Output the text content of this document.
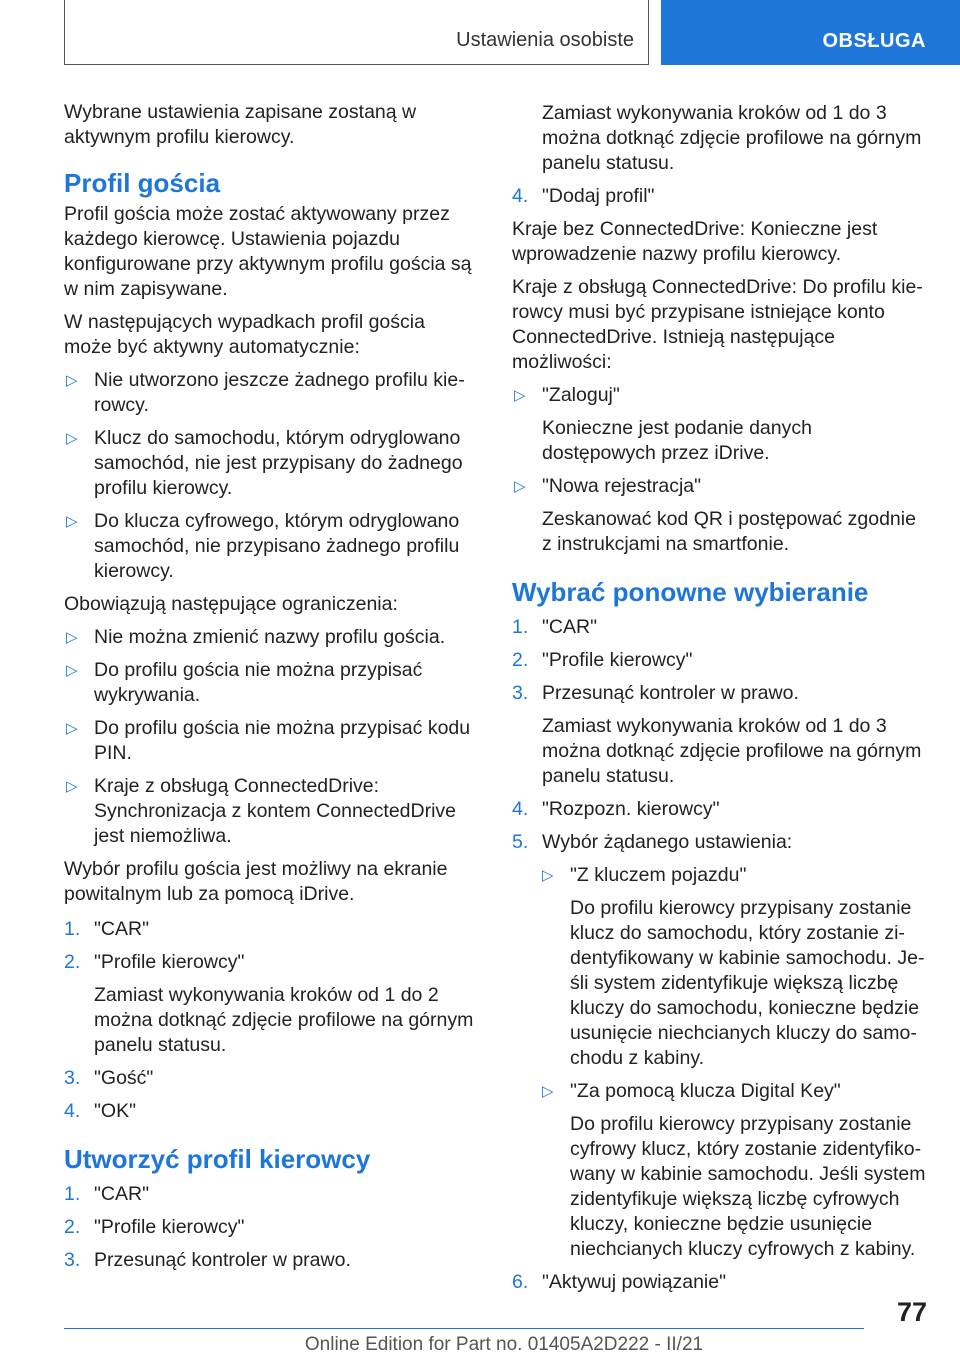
Ustawienia osobiste	OBSŁUGA

Wybrane ustawienia zapisane zostaną w aktywnym profilu kierowcy.

Profil gościa

Profil gościa może zostać aktywowany przez każdego kierowcę. Ustawienia pojazdu konfigurowane przy aktywnym profilu gościa są w nim zapisywane.

W następujących wypadkach profil gościa może być aktywny automatycznie:

▷ Nie utworzono jeszcze żadnego profilu kierowcy.
▷ Klucz do samochodu, którym odryglowano samochód, nie jest przypisany do żadnego profilu kierowcy.
▷ Do klucza cyfrowego, którym odryglowano samochód, nie przypisano żadnego profilu kierowcy.

Obowiązują następujące ograniczenia:

▷ Nie można zmienić nazwy profilu gościa.
▷ Do profilu gościa nie można przypisać wykrywania.
▷ Do profilu gościa nie można przypisać kodu PIN.
▷ Kraje z obsługą ConnectedDrive: Synchronizacja z kontem ConnectedDrive jest niemożliwa.

Wybór profilu gościa jest możliwy na ekranie powitalnym lub za pomocą iDrive.

1. "CAR"
2. "Profile kierowcy"

Zamiast wykonywania kroków od 1 do 2 można dotknąć zdjęcie profilowe na górnym panelu statusu.

3. "Gość"
4. "OK"
Utworzyć profil kierowcy
1. "CAR"
2. "Profile kierowcy"
3. Przesunąć kontroler w prawo.

Zamiast wykonywania kroków od 1 do 3 można dotknąć zdjęcie profilowe na górnym panelu statusu.

4. "Dodaj profil"

Kraje bez ConnectedDrive: Konieczne jest wprowadzenie nazwy profilu kierowcy.

Kraje z obsługą ConnectedDrive: Do profilu kierowcy musi być przypisane istniejące konto ConnectedDrive. Istnieją następujące możliwości:

▷ "Zaloguj"

Konieczne jest podanie danych dostępowych przez iDrive.

▷ "Nowa rejestracja"

Zeskanować kod QR i postępować zgodnie z instrukcjami na smartfonie.

Wybrać ponowne wybieranie
1. "CAR"
2. "Profile kierowcy"
3. Przesunąć kontroler w prawo.

Zamiast wykonywania kroków od 1 do 3 można dotknąć zdjęcie profilowe na górnym panelu statusu.

4. "Rozpozn. kierowcy"
5. Wybór żądanego ustawienia:
▷ "Z kluczem pojazdu"

Do profilu kierowcy przypisany zostanie klucz do samochodu, który zostanie zidentyfikowany w kabinie samochodu. Jeśli system zidentyfikuje większą liczbę kluczy do samochodu, konieczne będzie usunięcie niechcianych kluczy do samochodu z kabiny.

▷ "Za pomocą klucza Digital Key"

Do profilu kierowcy przypisany zostanie cyfrowy klucz, który zostanie zidentyfikowany w kabinie samochodu. Jeśli system zidentyfikuje większą liczbę cyfrowych kluczy, konieczne będzie usunięcie niechcianych kluczy cyfrowych z kabiny.

6. "Aktywuj powiązanie"
77
Online Edition for Part no. 01405A2D222 - II/21
